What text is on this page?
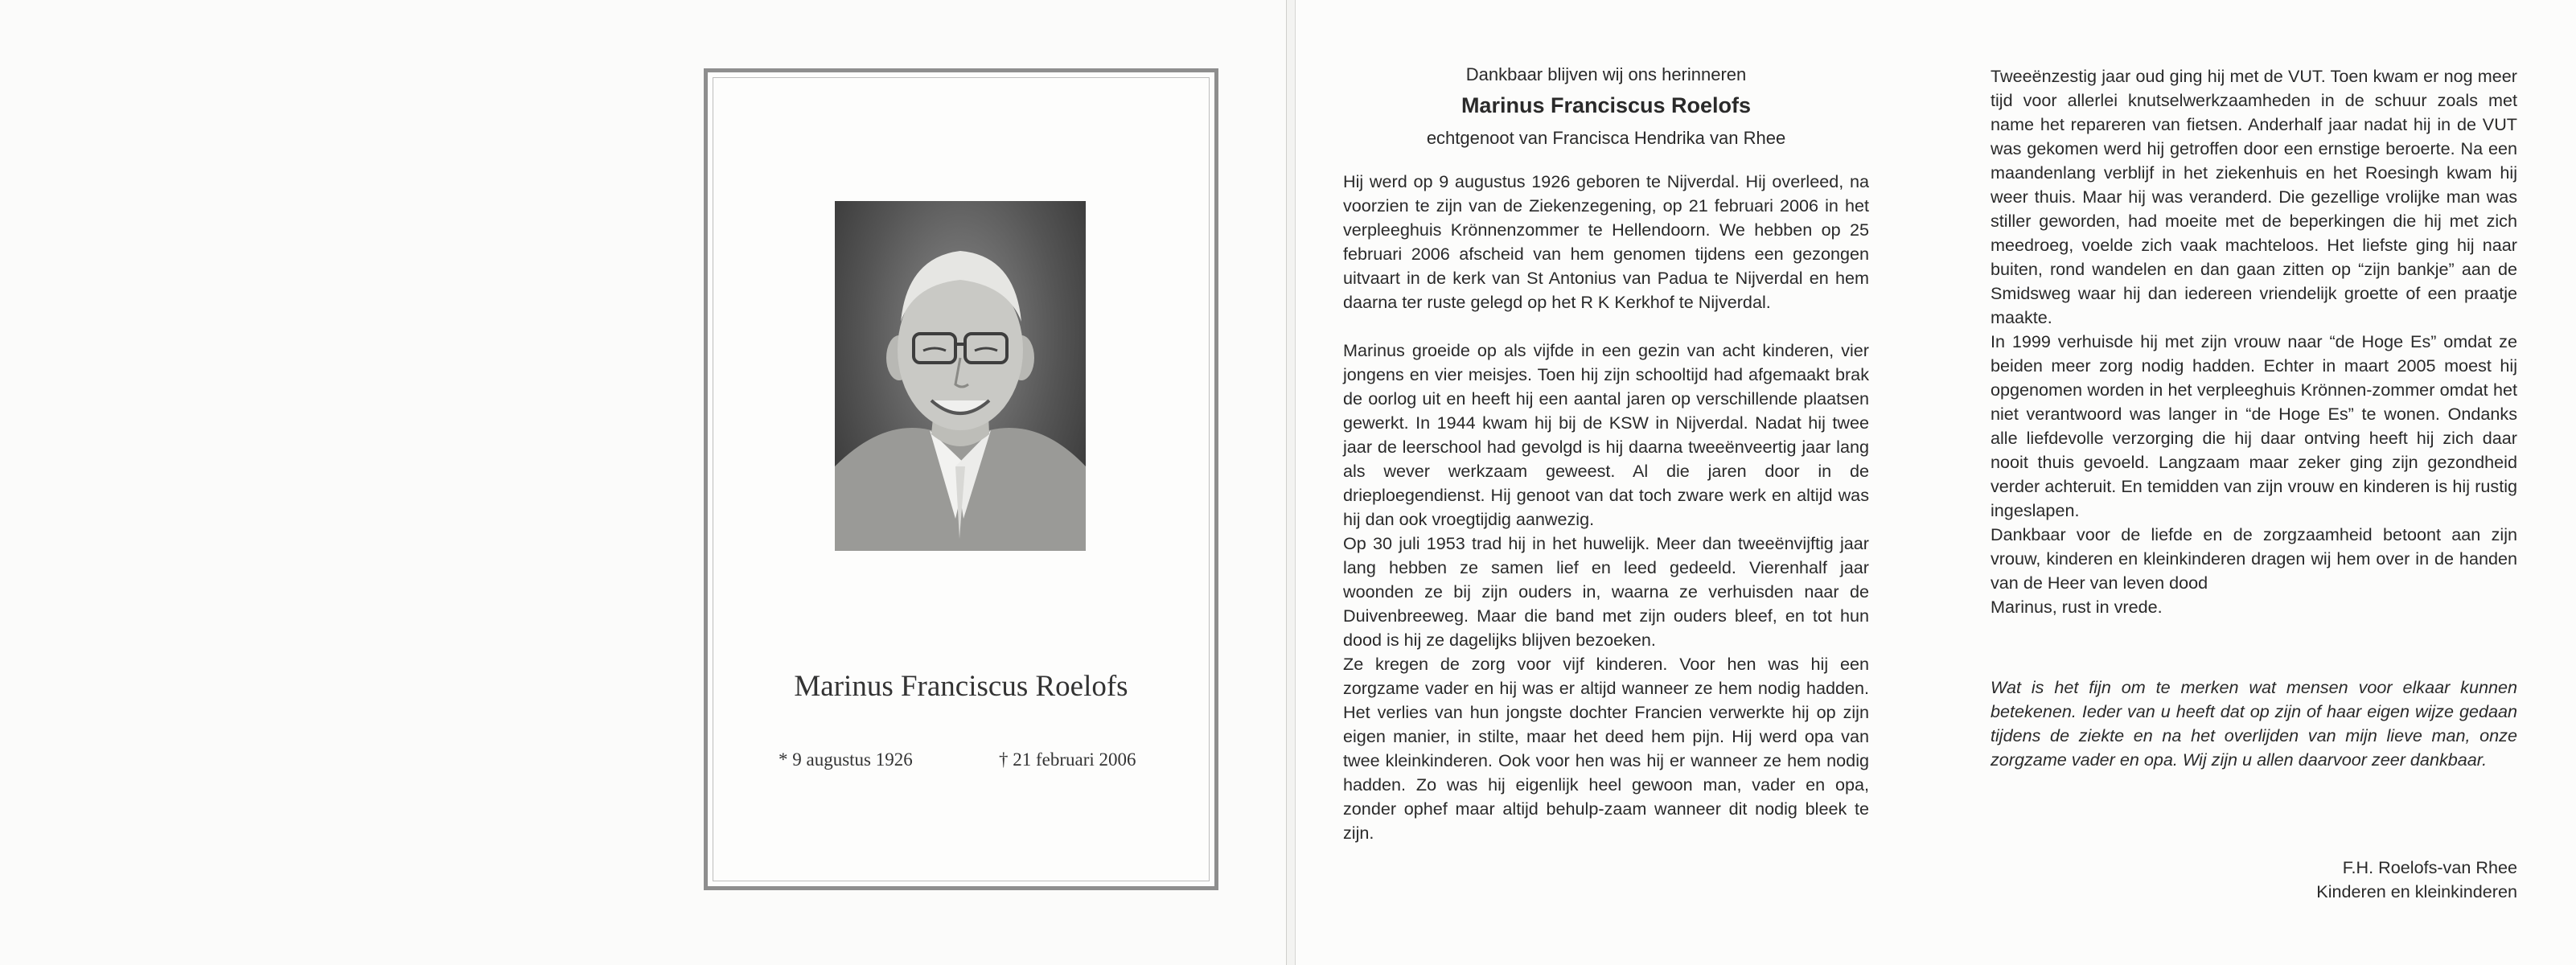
Marinus Franciscus Roelofs
* 9 augustus 1926	† 21 februari 2006
Dankbaar blijven wij ons herinneren
Marinus Franciscus Roelofs
echtgenoot van Francisca Hendrika van Rhee

Hij werd op 9 augustus 1926 geboren te Nijverdal. Hij overleed, na voorzien te zijn van de Ziekenzegening, op 21 februari 2006 in het verpleeghuis Krönnenzommer te Hellendoorn. We hebben op 25 februari 2006 afscheid van hem genomen tijdens een gezongen uitvaart in de kerk van St Antonius van Padua te Nijverdal en hem daarna ter ruste gelegd op het R K Kerkhof te Nijverdal.

Marinus groeide op als vijfde in een gezin van acht kinderen, vier jongens en vier meisjes. Toen hij zijn schooltijd had afgemaakt brak de oorlog uit en heeft hij een aantal jaren op verschillende plaatsen gewerkt. In 1944 kwam hij bij de KSW in Nijverdal. Nadat hij twee jaar de leerschool had gevolgd is hij daarna tweeënveertig jaar lang als wever werkzaam geweest. Al die jaren door in de drieploegendienst. Hij genoot van dat toch zware werk en altijd was hij dan ook vroegtijdig aanwezig.

Op 30 juli 1953 trad hij in het huwelijk. Meer dan tweeënvijftig jaar lang hebben ze samen lief en leed gedeeld. Vierenhalf jaar woonden ze bij zijn ouders in, waarna ze verhuisden naar de Duivenbreeweg. Maar die band met zijn ouders bleef, en tot hun dood is hij ze dagelijks blijven bezoeken.

Ze kregen de zorg voor vijf kinderen. Voor hen was hij een zorgzame vader en hij was er altijd wanneer ze hem nodig hadden. Het verlies van hun jongste dochter Francien verwerkte hij op zijn eigen manier, in stilte, maar het deed hem pijn. Hij werd opa van twee kleinkinderen. Ook voor hen was hij er wanneer ze hem nodig hadden. Zo was hij eigenlijk heel gewoon man, vader en opa, zonder ophef maar altijd behulp-zaam wanneer dit nodig bleek te zijn.

Tweeënzestig jaar oud ging hij met de VUT. Toen kwam er nog meer tijd voor allerlei knutselwerkzaamheden in de schuur zoals met name het repareren van fietsen. Anderhalf jaar nadat hij in de VUT was gekomen werd hij getroffen door een ernstige beroerte. Na een maandenlang verblijf in het ziekenhuis en het Roesingh kwam hij weer thuis. Maar hij was veranderd. Die gezellige vrolijke man was stiller geworden, had moeite met de beperkingen die hij met zich meedroeg, voelde zich vaak machteloos. Het liefste ging hij naar buiten, rond wandelen en dan gaan zitten op “zijn bankje” aan de Smidsweg waar hij dan iedereen vriendelijk groette of een praatje maakte.

In 1999 verhuisde hij met zijn vrouw naar “de Hoge Es” omdat ze beiden meer zorg nodig hadden. Echter in maart 2005 moest hij opgenomen worden in het verpleeghuis Krönnen-zommer omdat het niet verantwoord was langer in “de Hoge Es” te wonen. Ondanks alle liefdevolle verzorging die hij daar ontving heeft hij zich daar nooit thuis gevoeld. Langzaam maar zeker ging zijn gezondheid verder achteruit. En temidden van zijn vrouw en kinderen is hij rustig ingeslapen.

Dankbaar voor de liefde en de zorgzaamheid betoont aan zijn vrouw, kinderen en kleinkinderen dragen wij hem over in de handen van de Heer van leven dood

Marinus, rust in vrede.

Wat is het fijn om te merken wat mensen voor elkaar kunnen betekenen. Ieder van u heeft dat op zijn of haar eigen wijze gedaan tijdens de ziekte en na het overlijden van mijn lieve man, onze zorgzame vader en opa. Wij zijn u allen daarvoor zeer dankbaar.

F.H. Roelofs-van Rhee
Kinderen en kleinkinderen
